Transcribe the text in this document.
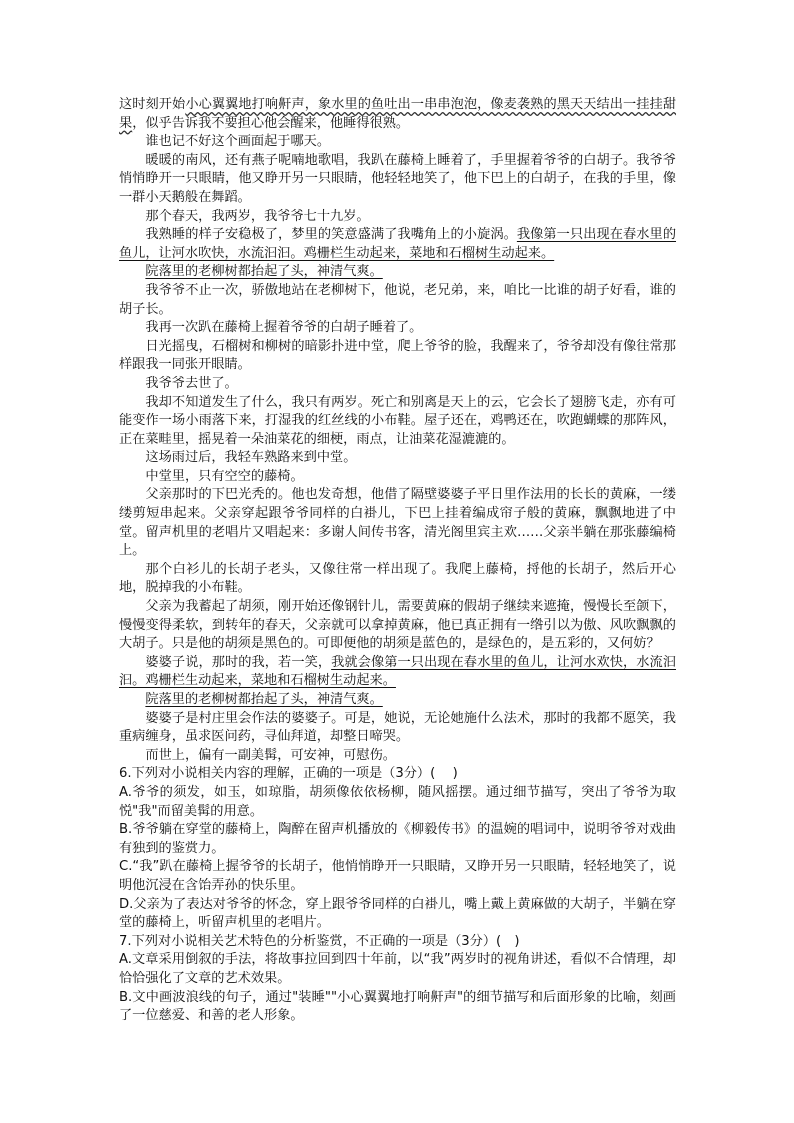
这时刻开始小心翼翼地打响鼾声，象水里的鱼吐出一串串泡泡，像麦袭熟的黑天天结出一挂挂甜果，似乎告诉我不要担心他会醒来，他睡得很熟。

谁也记不好这个画面起于哪天。

暖暖的南风，还有燕子呢喃地歌唱，我趴在藤椅上睡着了，手里握着爷爷的白胡子。我爷爷悄悄睁开一只眼睛，他又睁开另一只眼睛，他轻轻地笑了，他下巴上的白胡子，在我的手里，像一群小天鹅般在舞蹈。

那个春天，我两岁，我爷爷七十九岁。

我熟睡的样子安稳极了，梦里的笑意盛满了我嘴角上的小旋涡。我像第一只出现在春水里的鱼儿，让河水吹快，水流汩汩。鸡栅栏生动起来，菜地和石榴树生动起来。

院落里的老柳树都抬起了头，神清气爽。

我爷爷不止一次，骄傲地站在老柳树下，他说，老兄弟，来，咱比一比谁的胡子好看，谁的胡子长。

我再一次趴在藤椅上握着爷爷的白胡子睡着了。

日光摇曳，石榴树和柳树的暗影扑进中堂，爬上爷爷的脸，我醒来了，爷爷却没有像往常那样跟我一同张开眼睛。

我爷爷去世了。

我却不知道发生了什么，我只有两岁。死亡和别离是天上的云，它会长了翅膀飞走，亦有可能变作一场小雨落下来，打湿我的红丝线的小布鞋。屋子还在，鸡鸭还在，吹跑蝴蝶的那阵风，正在菜畦里，摇晃着一朵油菜花的细梗，雨点，让油菜花湿漉漉的。

这场雨过后，我轻车熟路来到中堂。

中堂里，只有空空的藤椅。

父亲那时的下巴光秃的。他也发奇想，他借了隔壁婆婆子平日里作法用的长长的黄麻，一缕缕剪短串起来。父亲穿起跟爷爷同样的白褂儿，下巴上挂着编成帘子般的黄麻，飘飘地进了中堂。留声机里的老唱片又唱起来：多谢人间传书客，清光阁里宾主欢……父亲半躺在那张藤编椅上。

那个白衫儿的长胡子老头，又像往常一样出现了。我爬上藤椅，捋他的长胡子，然后开心地，脱掉我的小布鞋。

父亲为我蓄起了胡须，刚开始还像钢针儿，需要黄麻的假胡子继续来遮掩，慢慢长至颌下，慢慢变得柔软，到转年的春天，父亲就可以拿掉黄麻，他已真正拥有一绺引以为傲、风吹飘飘的大胡子。只是他的胡须是黑色的。可即便他的胡须是蓝色的，是绿色的，是五彩的，又何妨？

婆婆子说，那时的我，若一笑，我就会像第一只出现在春水里的鱼儿，让河水欢快，水流汩汩。鸡栅栏生动起来，菜地和石榴树生动起来。

院落里的老柳树都抬起了头，神清气爽。

婆婆子是村庄里会作法的婆婆子。可是，她说，无论她施什么法术，那时的我都不愿笑，我重病缠身，虽求医问药，寻仙拜道，却整日啼哭。

而世上，偏有一副美髯，可安神，可慰伤。

6.下列对小说相关内容的理解，正确的一项是（3分）(　 )

A.爷爷的须发，如玉，如琼脂，胡须像依依杨柳，随风摇摆。通过细节描写，突出了爷爷为取悦"我"而留美髯的用意。

B.爷爷躺在穿堂的藤椅上，陶醉在留声机播放的《柳毅传书》的温婉的唱词中，说明爷爷对戏曲有独到的鉴赏力。

C.“我”趴在藤椅上握爷爷的长胡子，他悄悄睁开一只眼睛，又睁开另一只眼睛，轻轻地笑了，说明他沉浸在含饴弄孙的快乐里。

D.父亲为了表达对爷爷的怀念，穿上跟爷爷同样的白褂儿，嘴上戴上黄麻做的大胡子，半躺在穿堂的藤椅上，听留声机里的老唱片。

7.下列对小说相关艺术特色的分析鉴赏，不正确的一项是（3分）(　)

A.文章采用倒叙的手法，将故事拉回到四十年前，以“我”两岁时的视角讲述，看似不合情理，却恰恰强化了文章的艺术效果。

B.文中画波浪线的句子，通过"装睡""小心翼翼地打响鼾声"的细节描写和后面形象的比喻，刻画了一位慈爱、和善的老人形象。
